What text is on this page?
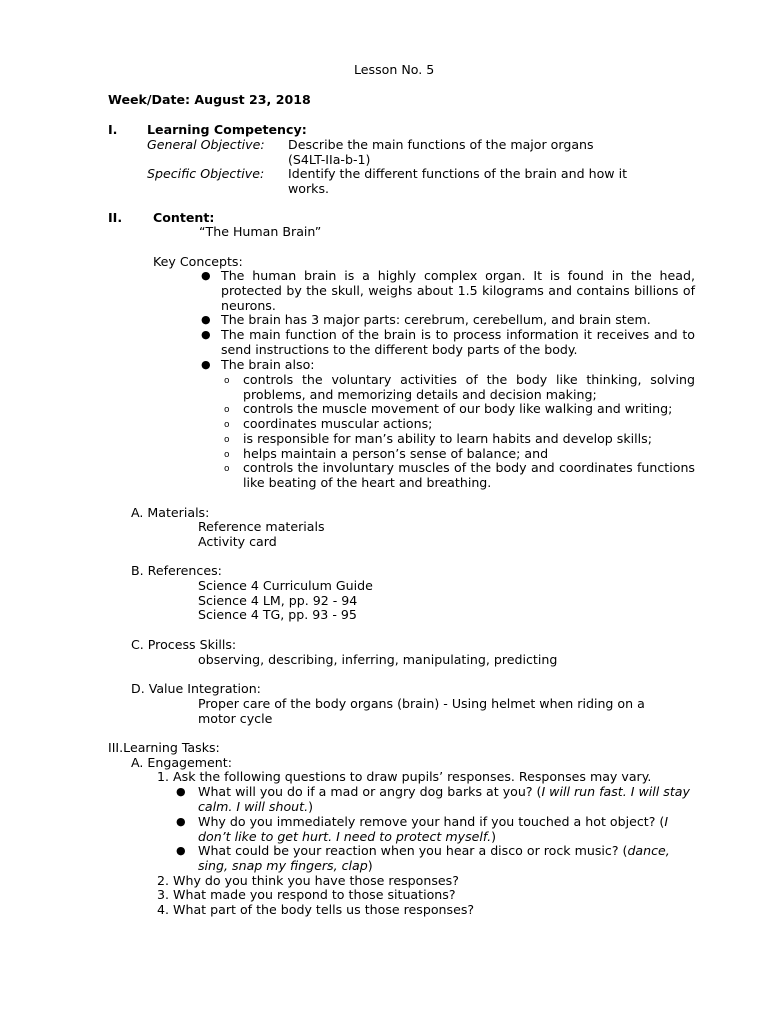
Lesson No. 5
Week/Date: August 23, 2018
I. Learning Competency:
General Objective: Describe the main functions of the major organs
(S4LT-IIa-b-1)
Specific Objective: Identify the different functions of the brain and how it
works.
II. Content:
“The Human Brain”
Key Concepts:
● The human brain is a highly complex organ. It is found in the head, protected by the skull, weighs about 1.5 kilograms and contains billions of neurons.
● The brain has 3 major parts: cerebrum, cerebellum, and brain stem.
● The main function of the brain is to process information it receives and to send instructions to the different body parts of the body.
● The brain also:
o controls the voluntary activities of the body like thinking, solving problems, and memorizing details and decision making;
o controls the muscle movement of our body like walking and writing;
o coordinates muscular actions;
o is responsible for man’s ability to learn habits and develop skills;
o helps maintain a person’s sense of balance; and
o controls the involuntary muscles of the body and coordinates functions like beating of the heart and breathing.
A. Materials:
Reference materials
Activity card
B. References:
Science 4 Curriculum Guide
Science 4 LM, pp. 92 - 94
Science 4 TG, pp. 93 - 95
C. Process Skills:
observing, describing, inferring, manipulating, predicting
D. Value Integration:
Proper care of the body organs (brain) - Using helmet when riding on a
motor cycle
III.Learning Tasks:
A. Engagement:
1. Ask the following questions to draw pupils’ responses. Responses may vary.
● What will you do if a mad or angry dog barks at you? (I will run fast. I will stay calm. I will shout.)
● Why do you immediately remove your hand if you touched a hot object? (I don’t like to get hurt. I need to protect myself.)
● What could be your reaction when you hear a disco or rock music? (dance, sing, snap my fingers, clap)
2. Why do you think you have those responses?
3. What made you respond to those situations?
4. What part of the body tells us those responses?
